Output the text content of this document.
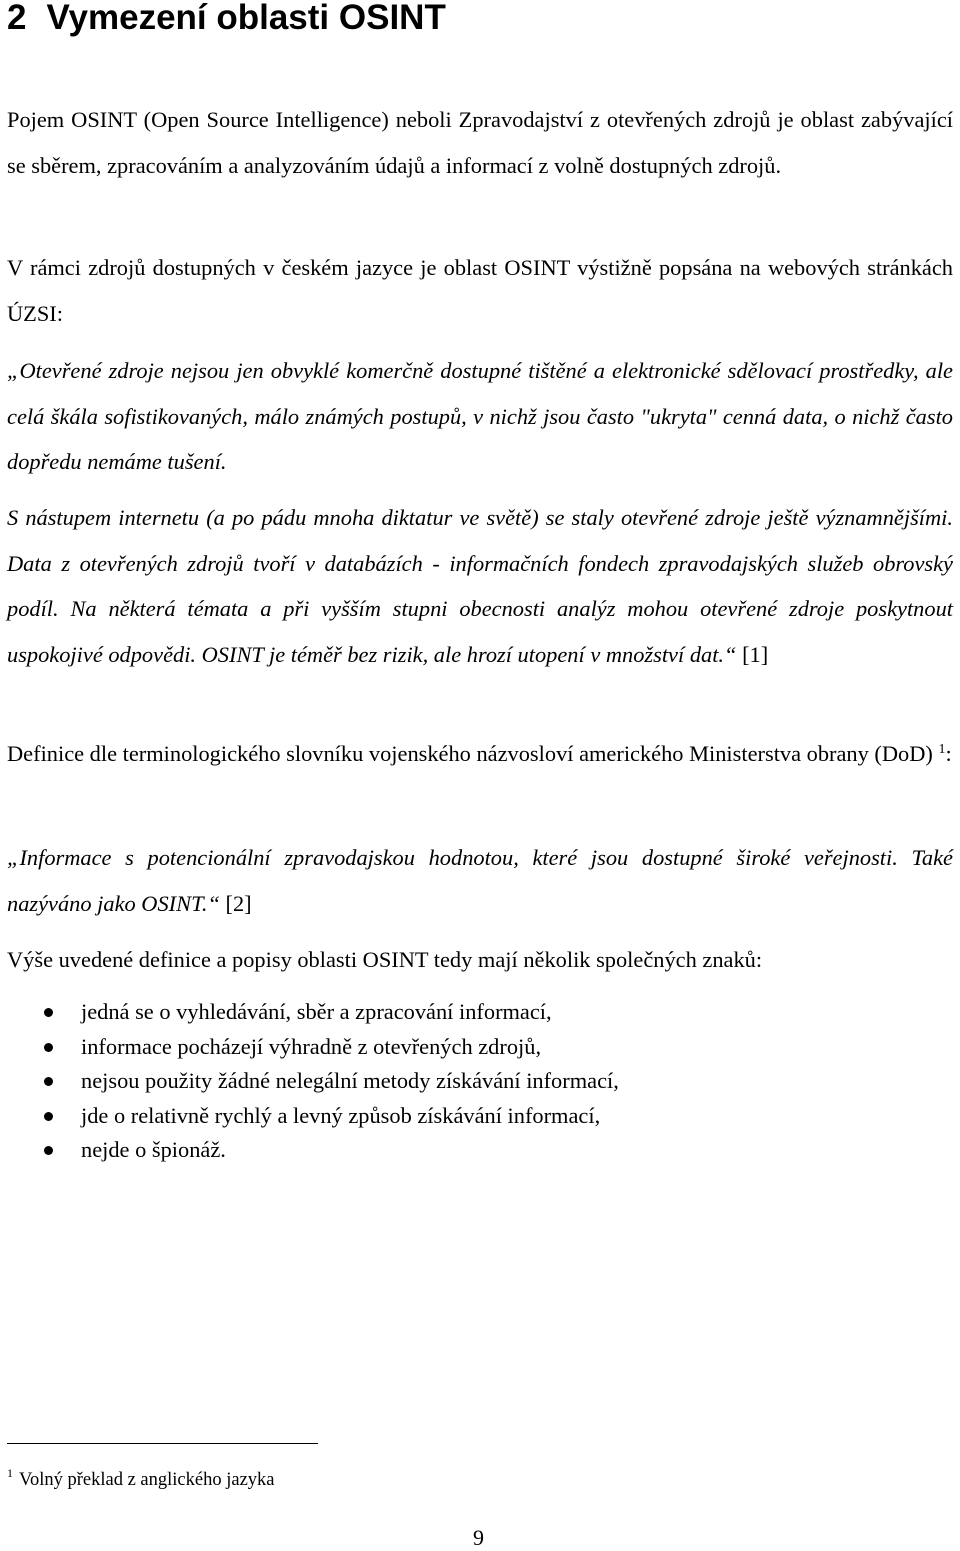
2 Vymezení oblasti OSINT

Pojem OSINT (Open Source Intelligence) neboli Zpravodajství z otevřených zdrojů je oblast zabývající se sběrem, zpracováním a analyzováním údajů a informací z volně dostupných zdrojů.

V rámci zdrojů dostupných v českém jazyce je oblast OSINT výstižně popsána na webových stránkách ÚZSI:

„Otevřené zdroje nejsou jen obvyklé komerčně dostupné tištěné a elektronické sdělovací prostředky, ale celá škála sofistikovaných, málo známých postupů, v nichž jsou často "ukryta" cenná data, o nichž často dopředu nemáme tušení.

S nástupem internetu (a po pádu mnoha diktatur ve světě) se staly otevřené zdroje ještě významnějšími. Data z otevřených zdrojů tvoří v databázích - informačních fondech zpravodajských služeb obrovský podíl. Na některá témata a při vyšším stupni obecnosti analýz mohou otevřené zdroje poskytnout uspokojivé odpovědi. OSINT je téměř bez rizik, ale hrozí utopení v množství dat.“ [1]

Definice dle terminologického slovníku vojenského názvosloví amerického Ministerstva obrany (DoD) $^1$:

„Informace s potencionální zpravodajskou hodnotou, které jsou dostupné široké veřejnosti. Také nazýváno jako OSINT.“ [2]

Výše uvedené definice a popisy oblasti OSINT tedy mají několik společných znaků:

jedná se o vyhledávání, sběr a zpracování informací,
informace pocházejí výhradně z otevřených zdrojů,
nejsou použity žádné nelegální metody získávání informací,
jde o relativně rychlý a levný způsob získávání informací,
nejde o špionáž.

$^1$ Volný překlad z anglického jazyka

9
